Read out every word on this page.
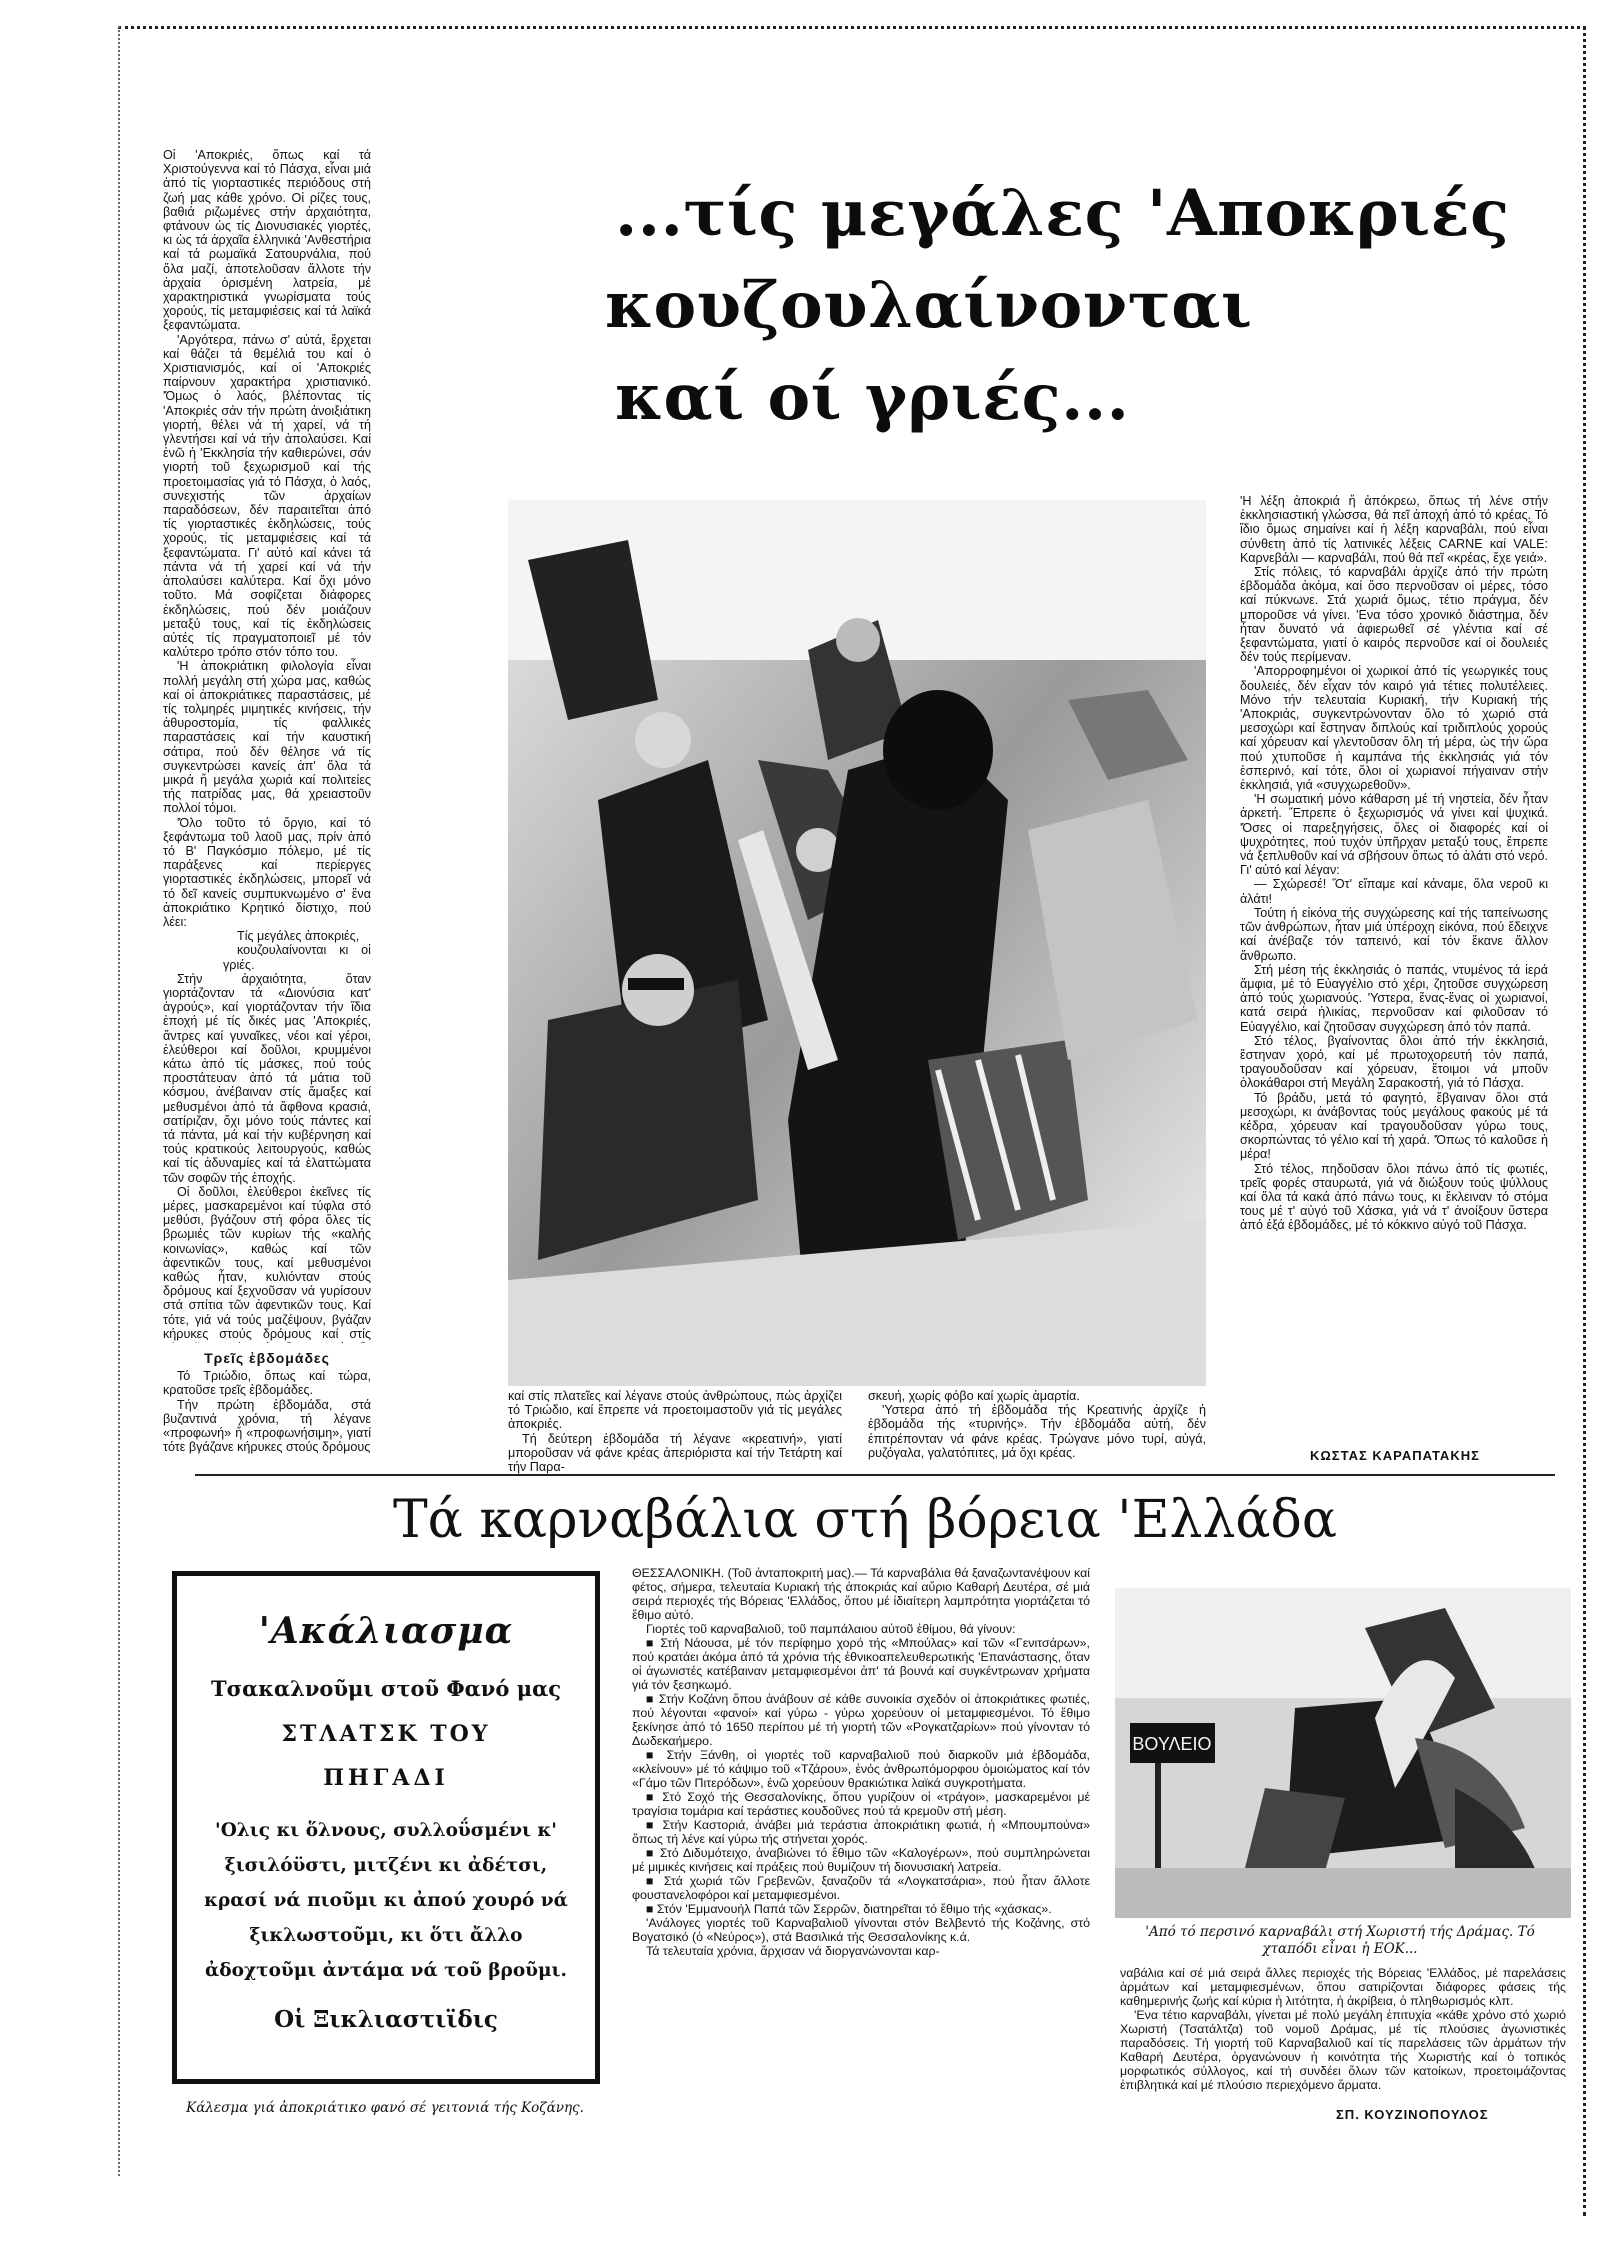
Οἱ 'Αποκριές, ὅπως καί τά Χριστούγεννα καί τό Πάσχα, εἶναι μιά ἀπό τίς γιορταστικές περιόδους στή ζωή μας κάθε χρόνο. Οἱ ρίζες τους, βαθιά ριζωμένες στήν ἀρχαιότητα, φτάνουν ὡς τίς Διονυσιακές γιορτές, κι ὡς τά ἀρχαῖα ἑλληνικά 'Ανθεστήρια καί τά ρωμαϊκά Σατουρνάλια, πού ὅλα μαζί, ἀποτελοῦσαν ἄλλοτε τήν ἀρχαία ὁρισμένη λατρεία, μέ χαρακτηριστικά γνωρίσματα τούς χορούς, τίς μεταμφιέσεις καί τά λαϊκά ξεφαντώματα.

'Αργότερα, πάνω σ' αὐτά, ἔρχεται καί θάζει τά θεμέλιά του καί ὁ Χριστιανισμός, καί οἱ 'Αποκριές παίρνουν χαρακτήρα χριστιανικό. 'Όμως ὁ λαός, βλέποντας τίς 'Αποκριές σάν τήν πρώτη ἀνοιξιάτικη γιορτή, θέλει νά τή χαρεί, νά τή γλεντήσει καί νά τήν ἀπολαύσει. Καί ἐνῶ ἡ 'Εκκλησία τήν καθιερώνει, σάν γιορτή τοῦ ξεχωρισμοῦ καί τής προετοιμασίας γιά τό Πάσχα, ὁ λαός, συνεχιστής τῶν ἀρχαίων παραδόσεων, δέν παραιτεῖται ἀπό τίς γιορταστικές ἐκδηλώσεις, τούς χορούς, τίς μεταμφιέσεις καί τά ξεφαντώματα. Γι' αὐτό καί κάνει τά πάντα νά τή χαρεί καί νά τήν ἀπολαύσει καλύτερα. Καί ὄχι μόνο τοῦτο. Μά σοφίζεται διάφορες ἐκδηλώσεις, πού δέν μοιάζουν μεταξύ τους, καί τίς ἐκδηλώσεις αὐτές τίς πραγματοποιεῖ μέ τόν καλύτερο τρόπο στόν τόπο του.

'Η ἀποκριάτικη φιλολογία εἶναι πολλή μεγάλη στή χώρα μας, καθώς καί οἱ ἀποκριάτικες παραστάσεις, μέ τίς τολμηρές μιμητικές κινήσεις, τήν ἀθυροστομία, τίς φαλλικές παραστάσεις καί τήν καυστική σάτιρα, πού δέν θέλησε νά τίς συγκεντρώσει κανείς ἀπ' ὅλα τά μικρά ἤ μεγάλα χωριά καί πολιτείες τής πατρίδας μας, θά χρειαστοῦν πολλοί τόμοι.

'Όλο τοῦτο τό ὄργιο, καί τό ξεφάντωμα τοῦ λαοῦ μας, πρίν ἀπό τό Β' Παγκόσμιο πόλεμο, μέ τίς παράξενες καί περίεργες γιορταστικές ἐκδηλώσεις, μπορεῖ νά τό δεῖ κανείς συμπυκνωμένο σ' ἕνα ἀποκριάτικο Κρητικό δίστιχο, πού λέει:

Τίς μεγάλες ἀποκριές,

κουζουλαίνονται κι οἱ γριές.

Στήν ἀρχαιότητα, ὅταν γιορτάζονταν τά «Διονύσια κατ' ἀγρούς», καί γιορτάζονταν τήν ἴδια ἐποχή μέ τίς δικές μας 'Αποκριές, ἄντρες καί γυναῖκες, νέοι καί γέροι, ἐλεύθεροι καί δοῦλοι, κρυμμένοι κάτω ἀπό τίς μάσκες, πού τούς προστάτευαν ἀπό τά μάτια τοῦ κόσμου, ἀνέβαιναν στίς ἅμαξες καί μεθυσμένοι ἀπό τά ἄφθονα κρασιά, σατίριζαν, ὄχι μόνο τούς πάντες καί τά πάντα, μά καί τήν κυβέρνηση καί τούς κρατικούς λειτουργούς, καθώς καί τίς ἀδυναμίες καί τά ἐλαττώματα τῶν σοφῶν τής ἐποχής.

Οἱ δοῦλοι, ἐλεύθεροι ἐκεῖνες τίς μέρες, μασκαρεμένοι καί τύφλα στό μεθύσι, βγάζουν στή φόρα ὅλες τίς βρωμιές τῶν κυρίων τής «καλής κοινωνίας», καθώς καί τῶν ἀφεντικῶν τους, καί μεθυσμένοι καθώς ἦταν, κυλιόνταν στούς δρόμους καί ξεχνοῦσαν νά γυρίσουν στά σπίτια τῶν ἀφεντικῶν τους. Καί τότε, γιά νά τούς μαζέψουν, βγάζαν κήρυκες στούς δρόμους καί στίς

Τρεῖς ἑβδομάδες

Τό Τριώδιο, ὅπως καί τώρα, κρατοῦσε τρεῖς ἑβδομάδες.

Τήν πρώτη ἑβδομάδα, στά βυζαντινά χρόνια, τή λέγανε «προφωνή» ἤ «προφωνήσιμη», γιατί τότε βγάζανε κήρυκες στούς δρόμους

...τίς μεγάλες 'Αποκριές
κουζουλαίνονται
καί οί γριές...

καί στίς πλατεῖες καί λέγανε στούς ἀνθρώπους, πώς ἀρχίζει τό Τριώδιο, καί ἔπρεπε νά προετοιμαστοῦν γιά τίς μεγάλες ἀποκριές.

Τή δεύτερη ἑβδομάδα τή λέγανε «κρεατινή», γιατί μποροῦσαν νά φάνε κρέας ἀπεριόριστα καί τήν Τετάρτη καί τήν Παρα-

σκευή, χωρίς φόβο καί χωρίς ἁμαρτία.

'Υστερα ἀπό τή ἑβδομάδα τής Κρεατινής ἀρχίζε ἡ ἑβδομάδα τής «τυρινής». Τήν ἑβδομάδα αὐτή, δέν ἐπιτρέπονταν νά φάνε κρέας. Τρώγανε μόνο τυρί, αὐγά, ρυζόγαλα, γαλατόπιτες, μά ὄχι κρέας.

'Η λέξη ἀποκριά ἤ ἀπόκρεω, ὅπως τή λένε στήν ἐκκλησιαστική γλώσσα, θά πεῖ ἀποχή ἀπό τό κρέας. Τό ἴδιο ὅμως σημαίνει καί ἡ λέξη καρναβάλι, πού εἶναι σύνθετη ἀπό τίς λατινικές λέξεις CARNE καί VALE: Καρνεβάλι — καρναβάλι, πού θά πεῖ «κρέας, ἔχε γειά».

Στίς πόλεις, τό καρναβάλι ἀρχίζε ἀπό τήν πρώτη ἑβδομάδα ἀκόμα, καί ὅσο περνοῦσαν οἱ μέρες, τόσο καί πύκνωνε. Στά χωριά ὅμως, τέτιο πράγμα, δέν μποροῦσε νά γίνει. 'Ενα τόσο χρονικό διάστημα, δέν ἦταν δυνατό νά ἀφιερωθεῖ σέ γλέντια καί σέ ξεφαντώματα, γιατί ὁ καιρός περνοῦσε καί οἱ δουλειές δέν τούς περίμεναν.

'Απορροφημένοι οἱ χωρικοί ἀπό τίς γεωργικές τους δουλειές, δέν εἶχαν τόν καιρό γιά τέτιες πολυτέλειες. Μόνο τήν τελευταία Κυριακή, τήν Κυριακή τής 'Αποκριάς, συγκεντρώνονταν ὅλο τό χωριό στά μεσοχώρι καί ἔστηναν διπλούς καί τριδιπλούς χορούς καί χόρευαν καί γλεντοῦσαν ὅλη τή μέρα, ὡς τήν ὥρα πού χτυποῦσε ἡ καμπάνα τής ἐκκλησιάς γιά τόν ἑσπερινό, καί τότε, ὅλοι οἱ χωριανοί πήγαιναν στήν ἐκκλησιά, γιά «συγχωρεθοῦν».

'Η σωματική μόνο κάθαρση μέ τή νηστεία, δέν ἦταν ἀρκετή. Ἔπρεπε ὁ ξεχωρισμός νά γίνει καί ψυχικά. 'Όσες οἱ παρεξηγήσεις, ὅλες οἱ διαφορές καί οἱ ψυχρότητες, πού τυχόν ὑπῆρχαν μεταξύ τους, ἔπρεπε νά ξεπλυθοῦν καί νά σβήσουν ὅπως τό ἀλάτι στό νερό. Γι' αὐτό καί λέγαν:

— Σχώρεσέ! Ὅτ' εἴπαμε καί κάναμε, ὅλα νεροῦ κι ἀλάτι!

Τούτη ἡ εἰκόνα τής συγχώρεσης καί τής ταπείνωσης τῶν ἀνθρώπων, ἦταν μιά ὑπέροχη εἰκόνα, πού ἔδειχνε καί ἀνέβαζε τόν ταπεινό, καί τόν ἔκανε ἄλλον ἄνθρωπο.

Στή μέση τής ἐκκλησιάς ὁ παπάς, ντυμένος τά ἱερά ἄμφια, μέ τό Εὐαγγέλιο στό χέρι, ζητοῦσε συγχώρεση ἀπό τούς χωριανούς. 'Υστερα, ἕνας-ἕνας οἱ χωριανοί, κατά σειρά ἡλικίας, περνοῦσαν καί φιλοῦσαν τό Εὐαγγέλιο, καί ζητοῦσαν συγχώρεση ἀπό τόν παπά.

Στό τέλος, βγαίνοντας ὅλοι ἀπό τήν ἐκκλησιά, ἔστηναν χορό, καί μέ πρωτοχορευτή τόν παπά, τραγουδοῦσαν καί χόρευαν, ἕτοιμοι νά μποῦν ὁλοκάθαροι στή Μεγάλη Σαρακοστή, γιά τό Πάσχα.

Τό βράδυ, μετά τό φαγητό, ἔβγαιναν ὅλοι στά μεσοχώρι, κι ἀνάβοντας τούς μεγάλους φακούς μέ τά κέδρα, χόρευαν καί τραγουδοῦσαν γύρω τους, σκορπώντας τό γέλιο καί τή χαρά. 'Όπως τό καλοῦσε ἡ μέρα!

Στό τέλος, πηδοῦσαν ὅλοι πάνω ἀπό τίς φωτιές, τρεῖς φορές σταυρωτά, γιά νά διώξουν τούς ψύλλους καί ὅλα τά κακά ἀπό πάνω τους, κι ἔκλειναν τό στόμα τους μέ τ' αὐγό τοῦ Χάσκα, γιά νά τ' ἀνοίξουν ὕστερα ἀπό ἑξά ἑβδομάδες, μέ τό κόκκινο αὐγό τοῦ Πάσχα.

ΚΩΣΤΑΣ ΚΑΡΑΠΑΤΑΚΗΣ
Τά καρναβάλια στή βόρεια 'Ελλάδα
'Ακάλιασμα
Τσακαλνοῦμι στοῦ Φανό μας
ΣΤΛΑΤΣΚ ΤΟΥ
ΠΗΓΑΔΙ
'Ολις κι ὅλνους, συλλοΰσμένι κ' ξισιλόϋστι, μιτζένι κι ἀδέτσι, κρασί νά πιοῦμι κι ἀπού χουρό νά ξικλωστοῦμι, κι ὅτι ἄλλο ἀδοχτοῦμι ἀντάμα νά τοῦ βροῦμι.
Οἱ Ξικλιαστιϊδις
Κάλεσμα γιά ἀποκριάτικο φανό σέ γειτονιά τής Κοζάνης.

ΘΕΣΣΑΛΟΝΙΚΗ. (Τοῦ ἀνταποκριτή μας).— Τά καρναβάλια θά ξαναζωντανέψουν καί φέτος, σήμερα, τελευταία Κυριακή τής ἀποκριάς καί αὔριο Καθαρή Δευτέρα, σέ μιά σειρά περιοχές τής Βόρειας 'Ελλάδος, ὅπου μέ ἰδιαίτερη λαμπρότητα γιορτάζεται τό ἔθιμο αὐτό.

Γιορτές τοῦ καρναβαλιοῦ, τοῦ παμπάλαιου αὐτοῦ ἐθίμου, θά γίνουν:

■ Στή Νάουσα, μέ τόν περίφημο χορό τής «Μπούλας» καί τῶν «Γενιτσάρων», πού κρατάει ἀκόμα ἀπό τά χρόνια τής ἐθνικοαπελευθερωτικής 'Επανάστασης, ὅταν οἱ ἀγωνιστές κατέβαιναν μεταμφιεσμένοι ἀπ' τά βουνά καί συγκέντρωναν χρήματα γιά τόν ξεσηκωμό.

■ Στήν Κοζάνη ὅπου ἀνάβουν σέ κάθε συνοικία σχεδόν οἱ ἀποκριάτικες φωτιές, πού λέγονται «φανοί» καί γύρω - γύρω χορεύουν οἱ μεταμφιεσμένοι. Τό ἔθιμο ξεκίνησε ἀπό τό 1650 περίπου μέ τή γιορτή τῶν «Ρογκατζαρίων» πού γίνονταν τό Δωδεκαήμερο.

■ Στήν Ξάνθη, οἱ γιορτές τοῦ καρναβαλιοῦ πού διαρκοῦν μιά ἑβδομάδα, «κλείνουν» μέ τό κάψιμο τοῦ «Τζάρου», ἑνός ἀνθρωπόμορφου ὁμοιώματος καί τόν «Γάμο τῶν Πιτερόδων», ἐνῶ χορεύουν θρακιώτικα λαϊκά συγκροτήματα.

■ Στό Σοχό τής Θεσσαλονίκης, ὅπου γυρίζουν οἱ «τράγοι», μασκαρεμένοι μέ τραγίσια τομάρια καί τεράστιες κουδοῦνες πού τά κρεμοῦν στή μέση.

■ Στήν Καστοριά, ἀνάβει μιά τεράστια ἀποκριάτικη φωτιά, ἡ «Μπουμπούνα» ὅπως τή λένε καί γύρω τής στήνεται χορός.

■ Στό Διδυμότειχο, ἀναβιώνει τό ἔθιμο τῶν «Καλογέρων», πού συμπληρώνεται μέ μιμικές κινήσεις καί πράξεις πού θυμίζουν τή διονυσιακή λατρεία.

■ Στά χωριά τῶν Γρεβενῶν, ξαναζοῦν τά «Λογκατσάρια», πού ἦταν ἄλλοτε φουστανελοφόροι καί μεταμφιεσμένοι.

■ Στόν 'Εμμανουήλ Παπά τῶν Σερρῶν, διατηρεῖται τό ἔθιμο τής «χάσκας».

'Ανάλογες γιορτές τοῦ Καρναβαλιοῦ γίνονται στόν Βελβεντό τής Κοζάνης, στό Βογατσικό (ὁ «Νεύρος»), στά Βασιλικά τής Θεσσαλονίκης κ.ά.

Τά τελευταία χρόνια, ἄρχισαν νά διοργανώνονται καρ-

ΒΟΥΛΕΙΟ
'Από τό περσινό καρναβάλι στή Χωριστή τής Δράμας. Τό χταπόδι εἶναι ἡ ΕΟΚ...

ναβάλια καί σέ μιά σειρά ἄλλες περιοχές τής Βόρειας 'Ελλάδος, μέ παρελάσεις ἁρμάτων καί μεταμφιεσμένων, ὅπου σατιρίζονται διάφορες φάσεις τής καθημερινής ζωής καί κύρια ἡ λιτότητα, ἡ ἀκρίβεια, ὁ πληθωρισμός κλπ.

'Ενα τέτιο καρναβάλι, γίνεται μέ πολύ μεγάλη ἐπιτυχία «κάθε χρόνο στό χωριό Χωριστή (Τσατάλτζα) τοῦ νομοῦ Δράμας, μέ τίς πλούσιες ἀγωνιστικές παραδόσεις. Τή γιορτή τοῦ Καρναβαλιοῦ καί τίς παρελάσεις τῶν ἁρμάτων τήν Καθαρή Δευτέρα, ὀργανώνουν ἡ κοινότητα τής Χωριστής καί ὁ τοπικός μορφωτικός σύλλογος, καί τή συνδέει ὅλων τῶν κατοίκων, προετοιμάζοντας ἐπιβλητικά καί μέ πλούσιο περιεχόμενο ἅρματα.

ΣΠ. ΚΟΥΖΙΝΟΠΟΥΛΟΣ
